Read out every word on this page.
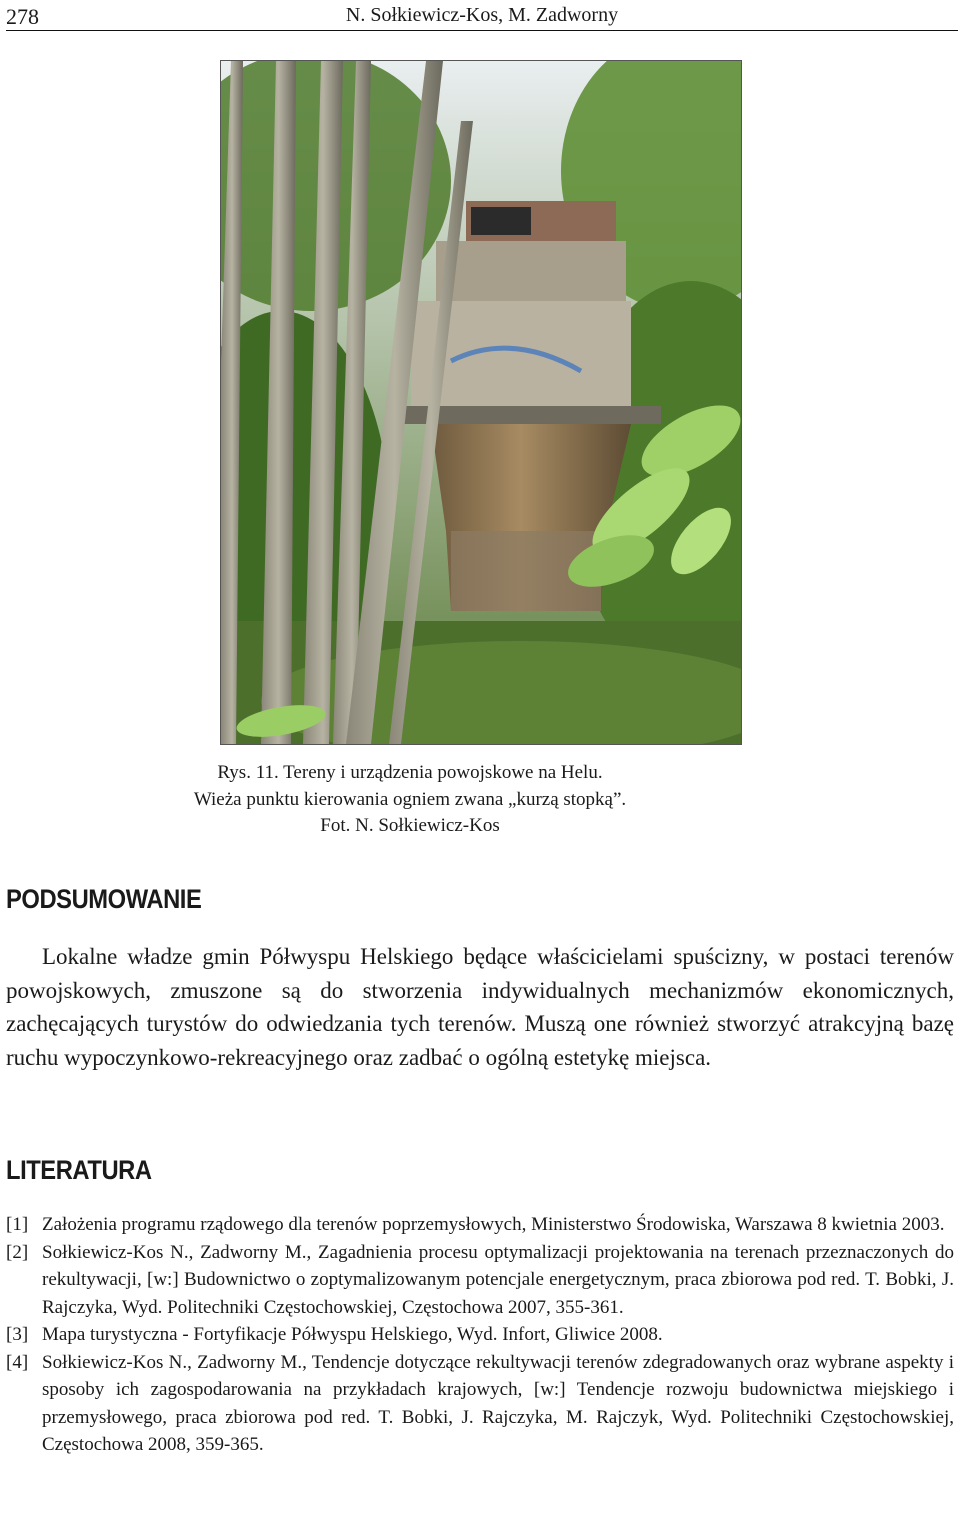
278	N. Sołkiewicz-Kos, M. Zadworny
Rys. 11. Tereny i urządzenia powojskowe na Helu.
Wieża punktu kierowania ogniem zwana „kurzą stopką”.
Fot. N. Sołkiewicz-Kos
PODSUMOWANIE

Lokalne władze gmin Półwyspu Helskiego będące właścicielami spuścizny, w postaci terenów powojskowych, zmuszone są do stworzenia indywidualnych mechanizmów ekonomicznych, zachęcających turystów do odwiedzania tych terenów. Muszą one również stworzyć atrakcyjną bazę ruchu wypoczynkowo-rekreacyjnego oraz zadbać o ogólną estetykę miejsca.

LITERATURA

[1] Założenia programu rządowego dla terenów poprzemysłowych, Ministerstwo Środowiska, Warszawa 8 kwietnia 2003.

[2] Sołkiewicz-Kos N., Zadworny M., Zagadnienia procesu optymalizacji projektowania na terenach przeznaczonych do rekultywacji, [w:] Budownictwo o zoptymalizowanym potencjale energetycznym, praca zbiorowa pod red. T. Bobki, J. Rajczyka, Wyd. Politechniki Częstochowskiej, Częstochowa 2007, 355-361.

[3] Mapa turystyczna - Fortyfikacje Półwyspu Helskiego, Wyd. Infort, Gliwice 2008.

[4] Sołkiewicz-Kos N., Zadworny M., Tendencje dotyczące rekultywacji terenów zdegradowanych oraz wybrane aspekty i sposoby ich zagospodarowania na przykładach krajowych, [w:] Tendencje rozwoju budownictwa miejskiego i przemysłowego, praca zbiorowa pod red. T. Bobki, J. Rajczyka, M. Rajczyk, Wyd. Politechniki Częstochowskiej, Częstochowa 2008, 359-365.
